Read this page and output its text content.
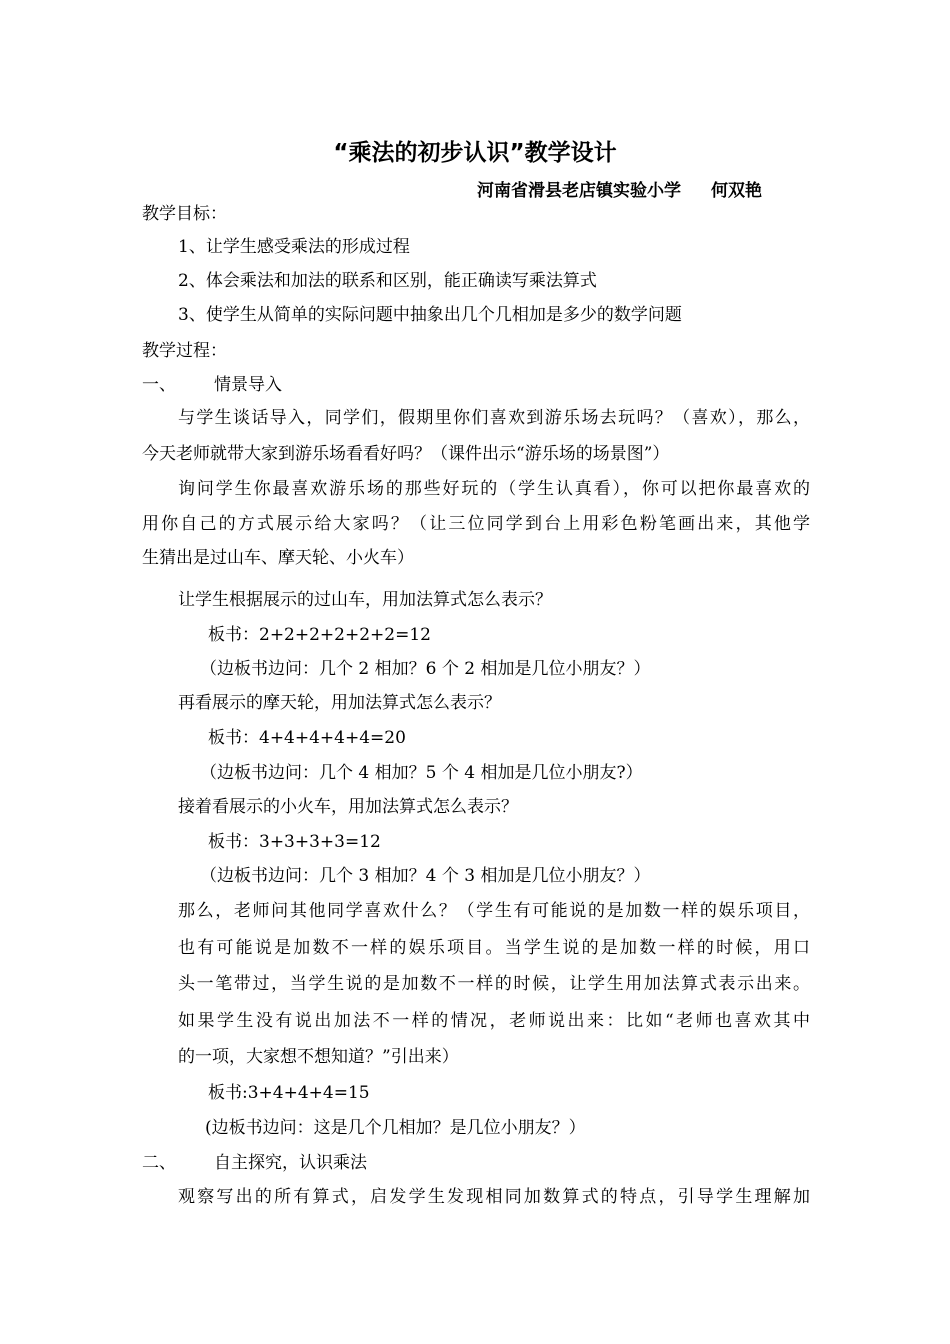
“乘法的初步认识”教学设计
河南省滑县老店镇实验小学 何双艳
教学目标：
1、让学生感受乘法的形成过程
2、体会乘法和加法的联系和区别，能正确读写乘法算式
3、使学生从简单的实际问题中抽象出几个几相加是多少的数学问题
教学过程：
一、 情景导入
与学生谈话导入，同学们，假期里你们喜欢到游乐场去玩吗？（喜欢），那么，
今天老师就带大家到游乐场看看好吗？（课件出示“游乐场的场景图”）
询问学生你最喜欢游乐场的那些好玩的（学生认真看），你可以把你最喜欢的
用你自己的方式展示给大家吗？（让三位同学到台上用彩色粉笔画出来，其他学
生猜出是过山车、摩天轮、小火车）
让学生根据展示的过山车，用加法算式怎么表示？
板书：2+2+2+2+2+2=12
（边板书边问：几个 2 相加？6 个 2 相加是几位小朋友？）
再看展示的摩天轮，用加法算式怎么表示？
板书：4+4+4+4+4=20
（边板书边问：几个 4 相加？5 个 4 相加是几位小朋友?）
接着看展示的小火车，用加法算式怎么表示？
板书：3+3+3+3=12
（边板书边问：几个 3 相加？4 个 3 相加是几位小朋友？）
那么，老师问其他同学喜欢什么？（学生有可能说的是加数一样的娱乐项目，
也有可能说是加数不一样的娱乐项目。当学生说的是加数一样的时候，用口
头一笔带过，当学生说的是加数不一样的时候，让学生用加法算式表示出来。
如果学生没有说出加法不一样的情况，老师说出来：比如“老师也喜欢其中
的一项，大家想不想知道？”引出来）
板书:3+4+4+4=15
(边板书边问：这是几个几相加？是几位小朋友？）
二、 自主探究，认识乘法
观察写出的所有算式，启发学生发现相同加数算式的特点，引导学生理解加
